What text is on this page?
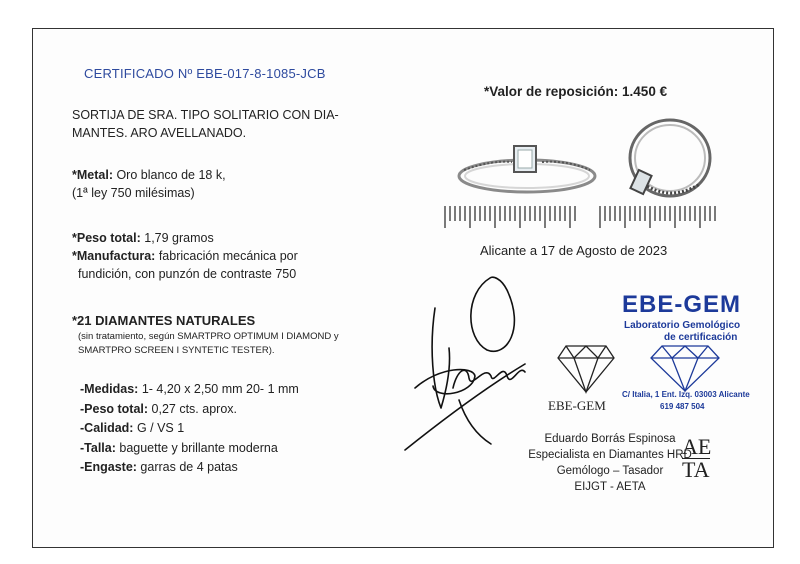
CERTIFICADO Nº EBE-017-8-1085-JCB
SORTIJA DE SRA. TIPO SOLITARIO CON DIA-
MANTES. ARO AVELLANADO.
*Metal: Oro blanco de 18 k,
(1ª ley 750 milésimas)
*Peso total: 1,79 gramos
*Manufactura: fabricación mecánica por
fundición, con punzón de contraste 750
*21 DIAMANTES NATURALES
(sin tratamiento, según SMARTPRO OPTIMUM I DIAMOND y
SMARTPRO SCREEN I SYNTETIC TESTER).
-Medidas: 1- 4,20 x 2,50 mm 20- 1 mm
-Peso total: 0,27 cts. aprox.
-Calidad: G / VS 1
-Talla: baguette y brillante moderna
-Engaste: garras de 4 patas
*Valor de reposición: 1.450 €
Alicante a 17 de Agosto de 2023
EBE-GEM
EBE-GEM
Laboratorio Gemológico
de certificación
C/ Italia, 1 Ent. Izq. 03003 Alicante
619 487 504
Eduardo Borrás Espinosa
Especialista en Diamantes HRD
Gemólogo – Tasador
EIJGT - AETA
AE
TA
